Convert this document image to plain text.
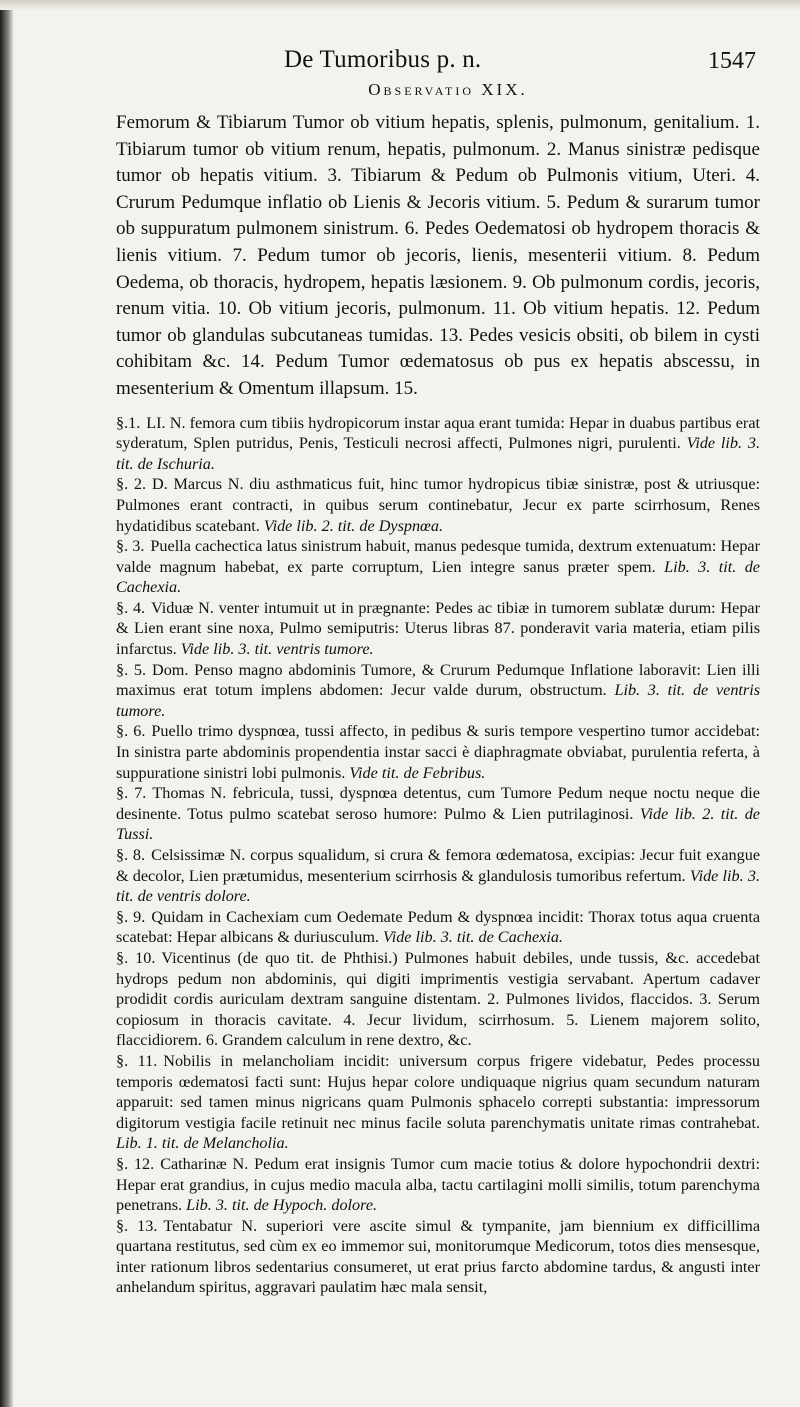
De Tumoribus p. n.	1547
Observatio XIX.

Femorum & Tibiarum Tumor ob vitium hepatis, splenis, pulmonum, genitalium. 1. Tibiarum tumor ob vitium renum, hepatis, pulmonum. 2. Manus sinistræ pedisque tumor ob hepatis vitium. 3. Tibiarum & Pedum ob Pulmonis vitium, Uteri. 4. Crurum Pedumque inflatio ob Lienis & Jecoris vitium. 5. Pedum & surarum tumor ob suppuratum pulmonem sinistrum. 6. Pedes Oedematosi ob hydropem thoracis & lienis vitium. 7. Pedum tumor ob jecoris, lienis, mesenterii vitium. 8. Pedum Oedema, ob thoracis, hydropem, hepatis læsionem. 9. Ob pulmonum cordis, jecoris, renum vitia. 10. Ob vitium jecoris, pulmonum. 11. Ob vitium hepatis. 12. Pedum tumor ob glandulas subcutaneas tumidas. 13. Pedes vesicis obsiti, ob bilem in cysti cohibitam &c. 14. Pedum Tumor œdematosus ob pus ex hepatis abscessu, in mesenterium & Omentum illapsum. 15.

§.1. LI. N. femora cum tibiis hydropicorum instar aqua erant tumida: Hepar in duabus partibus erat syderatum, Splen putridus, Penis, Testiculi necrosi affecti, Pulmones nigri, purulenti. Vide lib. 3. tit. de Ischuria.

§. 2. D. Marcus N. diu asthmaticus fuit, hinc tumor hydropicus tibiæ sinistræ, post & utriusque: Pulmones erant contracti, in quibus serum continebatur, Jecur ex parte scirrhosum, Renes hydatidibus scatebant. Vide lib. 2. tit. de Dyspnœa.

§. 3. Puella cachectica latus sinistrum habuit, manus pedesque tumida, dextrum extenuatum: Hepar valde magnum habebat, ex parte corruptum, Lien integre sanus præter spem. Lib. 3. tit. de Cachexia.

§. 4. Viduæ N. venter intumuit ut in prægnante: Pedes ac tibiæ in tumorem sublatæ durum: Hepar & Lien erant sine noxa, Pulmo semiputris: Uterus libras 87. ponderavit varia materia, etiam pilis infarctus. Vide lib. 3. tit. ventris tumore.

§. 5. Dom. Penso magno abdominis Tumore, & Crurum Pedumque Inflatione laboravit: Lien illi maximus erat totum implens abdomen: Jecur valde durum, obstructum. Lib. 3. tit. de ventris tumore.

§. 6. Puello trimo dyspnœa, tussi affecto, in pedibus & suris tempore vespertino tumor accidebat: In sinistra parte abdominis propendentia instar sacci è diaphragmate obviabat, purulentia referta, à suppuratione sinistri lobi pulmonis. Vide tit. de Febribus.

§. 7. Thomas N. febricula, tussi, dyspnœa detentus, cum Tumore Pedum neque noctu neque die desinente. Totus pulmo scatebat seroso humore: Pulmo & Lien putrilaginosi. Vide lib. 2. tit. de Tussi.

§. 8. Celsissimæ N. corpus squalidum, si crura & femora œdematosa, excipias: Jecur fuit exangue & decolor, Lien prætumidus, mesenterium scirrhosis & glandulosis tumoribus refertum. Vide lib. 3. tit. de ventris dolore.

§. 9. Quidam in Cachexiam cum Oedemate Pedum & dyspnœa incidit: Thorax totus aqua cruenta scatebat: Hepar albicans & duriusculum. Vide lib. 3. tit. de Cachexia.

§. 10. Vicentinus (de quo tit. de Phthisi.) Pulmones habuit debiles, unde tussis, &c. accedebat hydrops pedum non abdominis, qui digiti imprimentis vestigia servabant. Apertum cadaver prodidit cordis auriculam dextram sanguine distentam. 2. Pulmones lividos, flaccidos. 3. Serum copiosum in thoracis cavitate. 4. Jecur lividum, scirrhosum. 5. Lienem majorem solito, flaccidiorem. 6. Grandem calculum in rene dextro, &c.

§. 11. Nobilis in melancholiam incidit: universum corpus frigere videbatur, Pedes processu temporis œdematosi facti sunt: Hujus hepar colore undiquaque nigrius quam secundum naturam apparuit: sed tamen minus nigricans quam Pulmonis sphacelo correpti substantia: impressorum digitorum vestigia facile retinuit nec minus facile soluta parenchymatis unitate rimas contrahebat. Lib. 1. tit. de Melancholia.

§. 12. Catharinæ N. Pedum erat insignis Tumor cum macie totius & dolore hypochondrii dextri: Hepar erat grandius, in cujus medio macula alba, tactu cartilagini molli similis, totum parenchyma penetrans. Lib. 3. tit. de Hypoch. dolore.

§. 13. Tentabatur N. superiori vere ascite simul & tympanite, jam biennium ex difficillima quartana restitutus, sed cùm ex eo immemor sui, monitorumque Medicorum, totos dies mensesque, inter rationum libros sedentarius consumeret, ut erat prius farcto abdomine tardus, & angusti inter anhelandum spiritus, aggravari paulatim hæc mala sensit,
